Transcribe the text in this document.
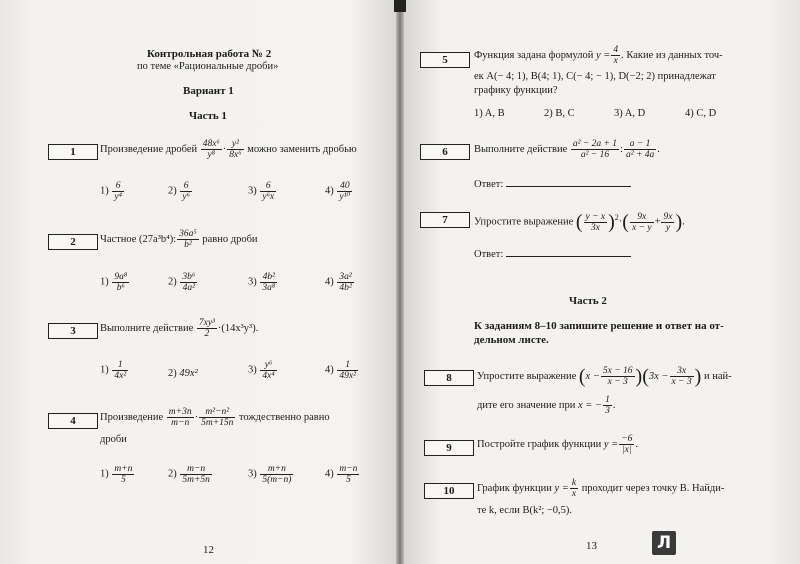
Контрольная работа № 2
по теме «Рациональные дроби»
Вариант 1
Часть 1
1	Произведение дробей $\frac{\text{48x⁶}}{\text{y⁸}} \cdot \frac{\text{y²}}{\text{8x⁶}}$ можно заменить дробью
$1) \frac{6}{\text{y⁴}}$	$2) \frac{6}{\text{y⁶}}$	$3) \frac{6}{\text{y⁶x}}$	$4) \frac{40}{\text{y¹⁰}}$
2	Частное (27a³b⁴): $\frac{\text{36a⁵}}{\text{b²}}$ равно дроби
$1) \frac{\text{9a⁸}}{\text{b⁶}}$	$2) \frac{\text{3b⁶}}{\text{4a²}}$	$3) \frac{\text{4b²}}{\text{3a⁸}}$	$4) \frac{\text{3a²}}{\text{4b²}}$
3	Выполните действие $\frac{\text{7xy³}}{2} \cdot(14x^3y^3)$.
$1) \frac{1}{\text{4x²}}$	2) 49x²	$3) \frac{\text{y⁶}}{\text{4x⁴}}$	$4) \frac{1}{\text{49x²}}$
4	Произведение $\frac{m+3n}{m-n} \cdot \frac{\text{m²−n²}}{5m+15n}$ тождественно равно
дроби
$1) \frac{m+n}{5}$	$2) \frac{m-n}{5m+5n}$	$3) \frac{m+n}{5(m-n)}$	$4) \frac{m-n}{5}$
12
5	Функция задана формулой $y = \frac{4}{x}$ . Какие из данных точ-
ек A(− 4; 1), B(4; 1), C(− 4; − 1), D(−2; 2) принадлежат
графику функции?
1) A, B	2) B, C	3) A, D	4) C, D
6	Выполните действие $\frac{\text{a² − 2a + 1}}{\text{a² − 16}}$ : $\frac{a - 1}{\text{a² + 4a}}$ .
Ответ:
7	Упростите выражение ( $\frac{y - x}{3x} )^2\cdot( \frac{9x}{x - y} + \frac{9x}{y}$ ).
Ответ:
Часть 2
К заданиям 8–10 запишите решение и ответ на от-
дельном листе.
8	Упростите выражение $(x - \frac{5x - 16}{x - 3} )(3x - \frac{3x}{x - 3}$ ) и най-
дите его значение при x = − $\frac{1}{3}$ .
9	Постройте график функции $y = \frac{-6}{|x|}$ .
10	График функции $y = \frac{k}{x}$ проходит через точку B. Найди-
те k, если B(k²; −0,5).
13	Л
